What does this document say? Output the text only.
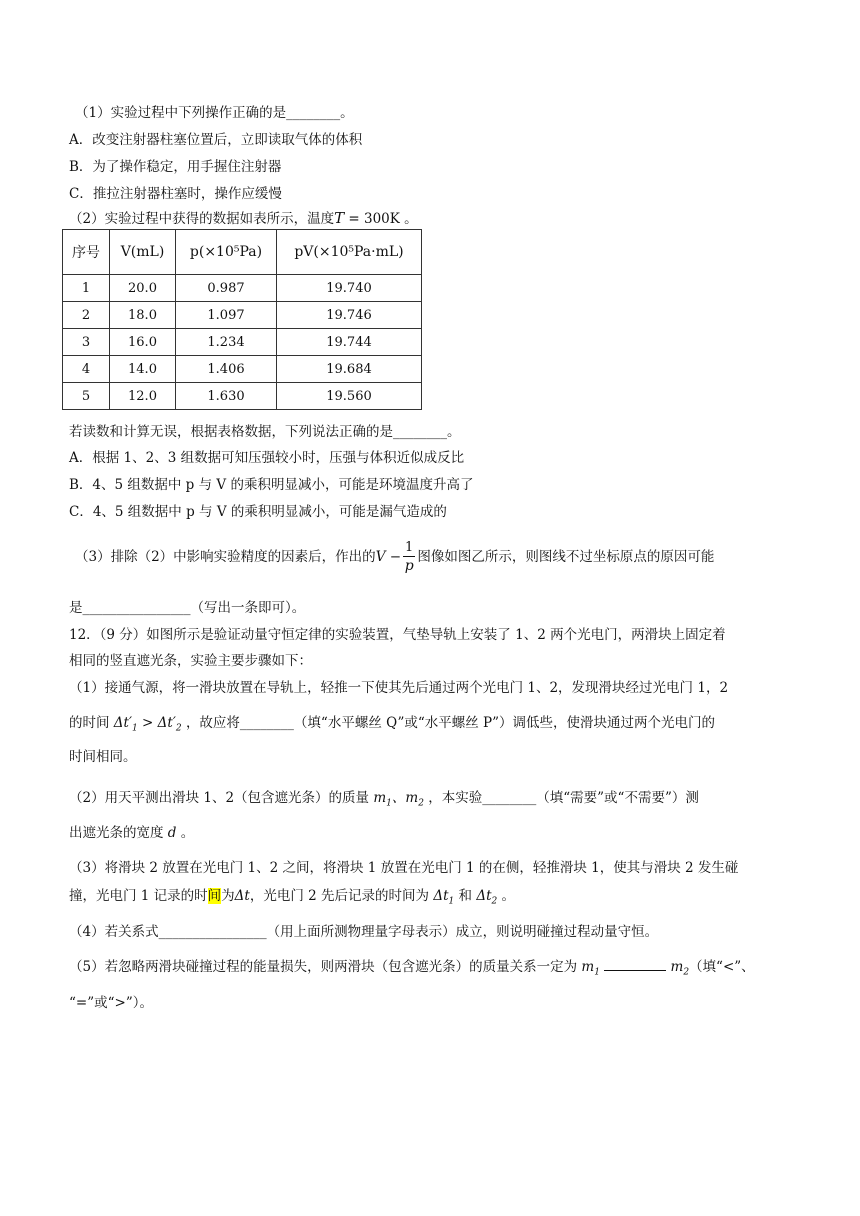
（1）实验过程中下列操作正确的是________。
A．改变注射器柱塞位置后，立即读取气体的体积
B．为了操作稳定，用手握住注射器
C．推拉注射器柱塞时，操作应缓慢
（2）实验过程中获得的数据如表所示，温度T = 300K 。
序号	V(mL)	p(×10⁵Pa)	pV(×10⁵Pa·mL)
1	20.0	0.987	19.740
2	18.0	1.097	19.746
3	16.0	1.234	19.744
4	14.0	1.406	19.684
5	12.0	1.630	19.560
若读数和计算无误，根据表格数据，下列说法正确的是________。
A．根据 1、2、3 组数据可知压强较小时，压强与体积近似成反比
B．4、5 组数据中 p 与 V 的乘积明显减小，可能是环境温度升高了
C．4、5 组数据中 p 与 V 的乘积明显减小，可能是漏气造成的
（3）排除（2）中影响实验精度的因素后，作出的$V - \frac{1}{p}$ 图像如图乙所示，则图线不过坐标原点的原因可能
是________________（写出一条即可）。
12．（9 分）如图所示是验证动量守恒定律的实验装置，气垫导轨上安装了 1、2 两个光电门，两滑块上固定着
相同的竖直遮光条，实验主要步骤如下：
（1）接通气源，将一滑块放置在导轨上，轻推一下使其先后通过两个光电门 1、2，发现滑块经过光电门 1，2
的时间 $\Delta t'_1 > \Delta t'_2$ ，故应将________（填“水平螺丝 Q”或“水平螺丝 P”）调低些，使滑块通过两个光电门的
时间相同。
（2）用天平测出滑块 1、2（包含遮光条）的质量 $m_1$、$m_2$ ，本实验________（填“需要”或“不需要”）测
出遮光条的宽度 d 。
（3）将滑块 2 放置在光电门 1、2 之间，将滑块 1 放置在光电门 1 的在侧，轻推滑块 1，使其与滑块 2 发生碰
撞，光电门 1 记录的时间为Δt，光电门 2 先后记录的时间为 $\Delta t_1$ 和 $\Delta t_2$ 。
（4）若关系式________________（用上面所测物理量字母表示）成立，则说明碰撞过程动量守恒。
（5）若忽略两滑块碰撞过程的能量损失，则两滑块（包含遮光条）的质量关系一定为 $m_1$	$m_2$（填“<”、
“=”或“>”）。
